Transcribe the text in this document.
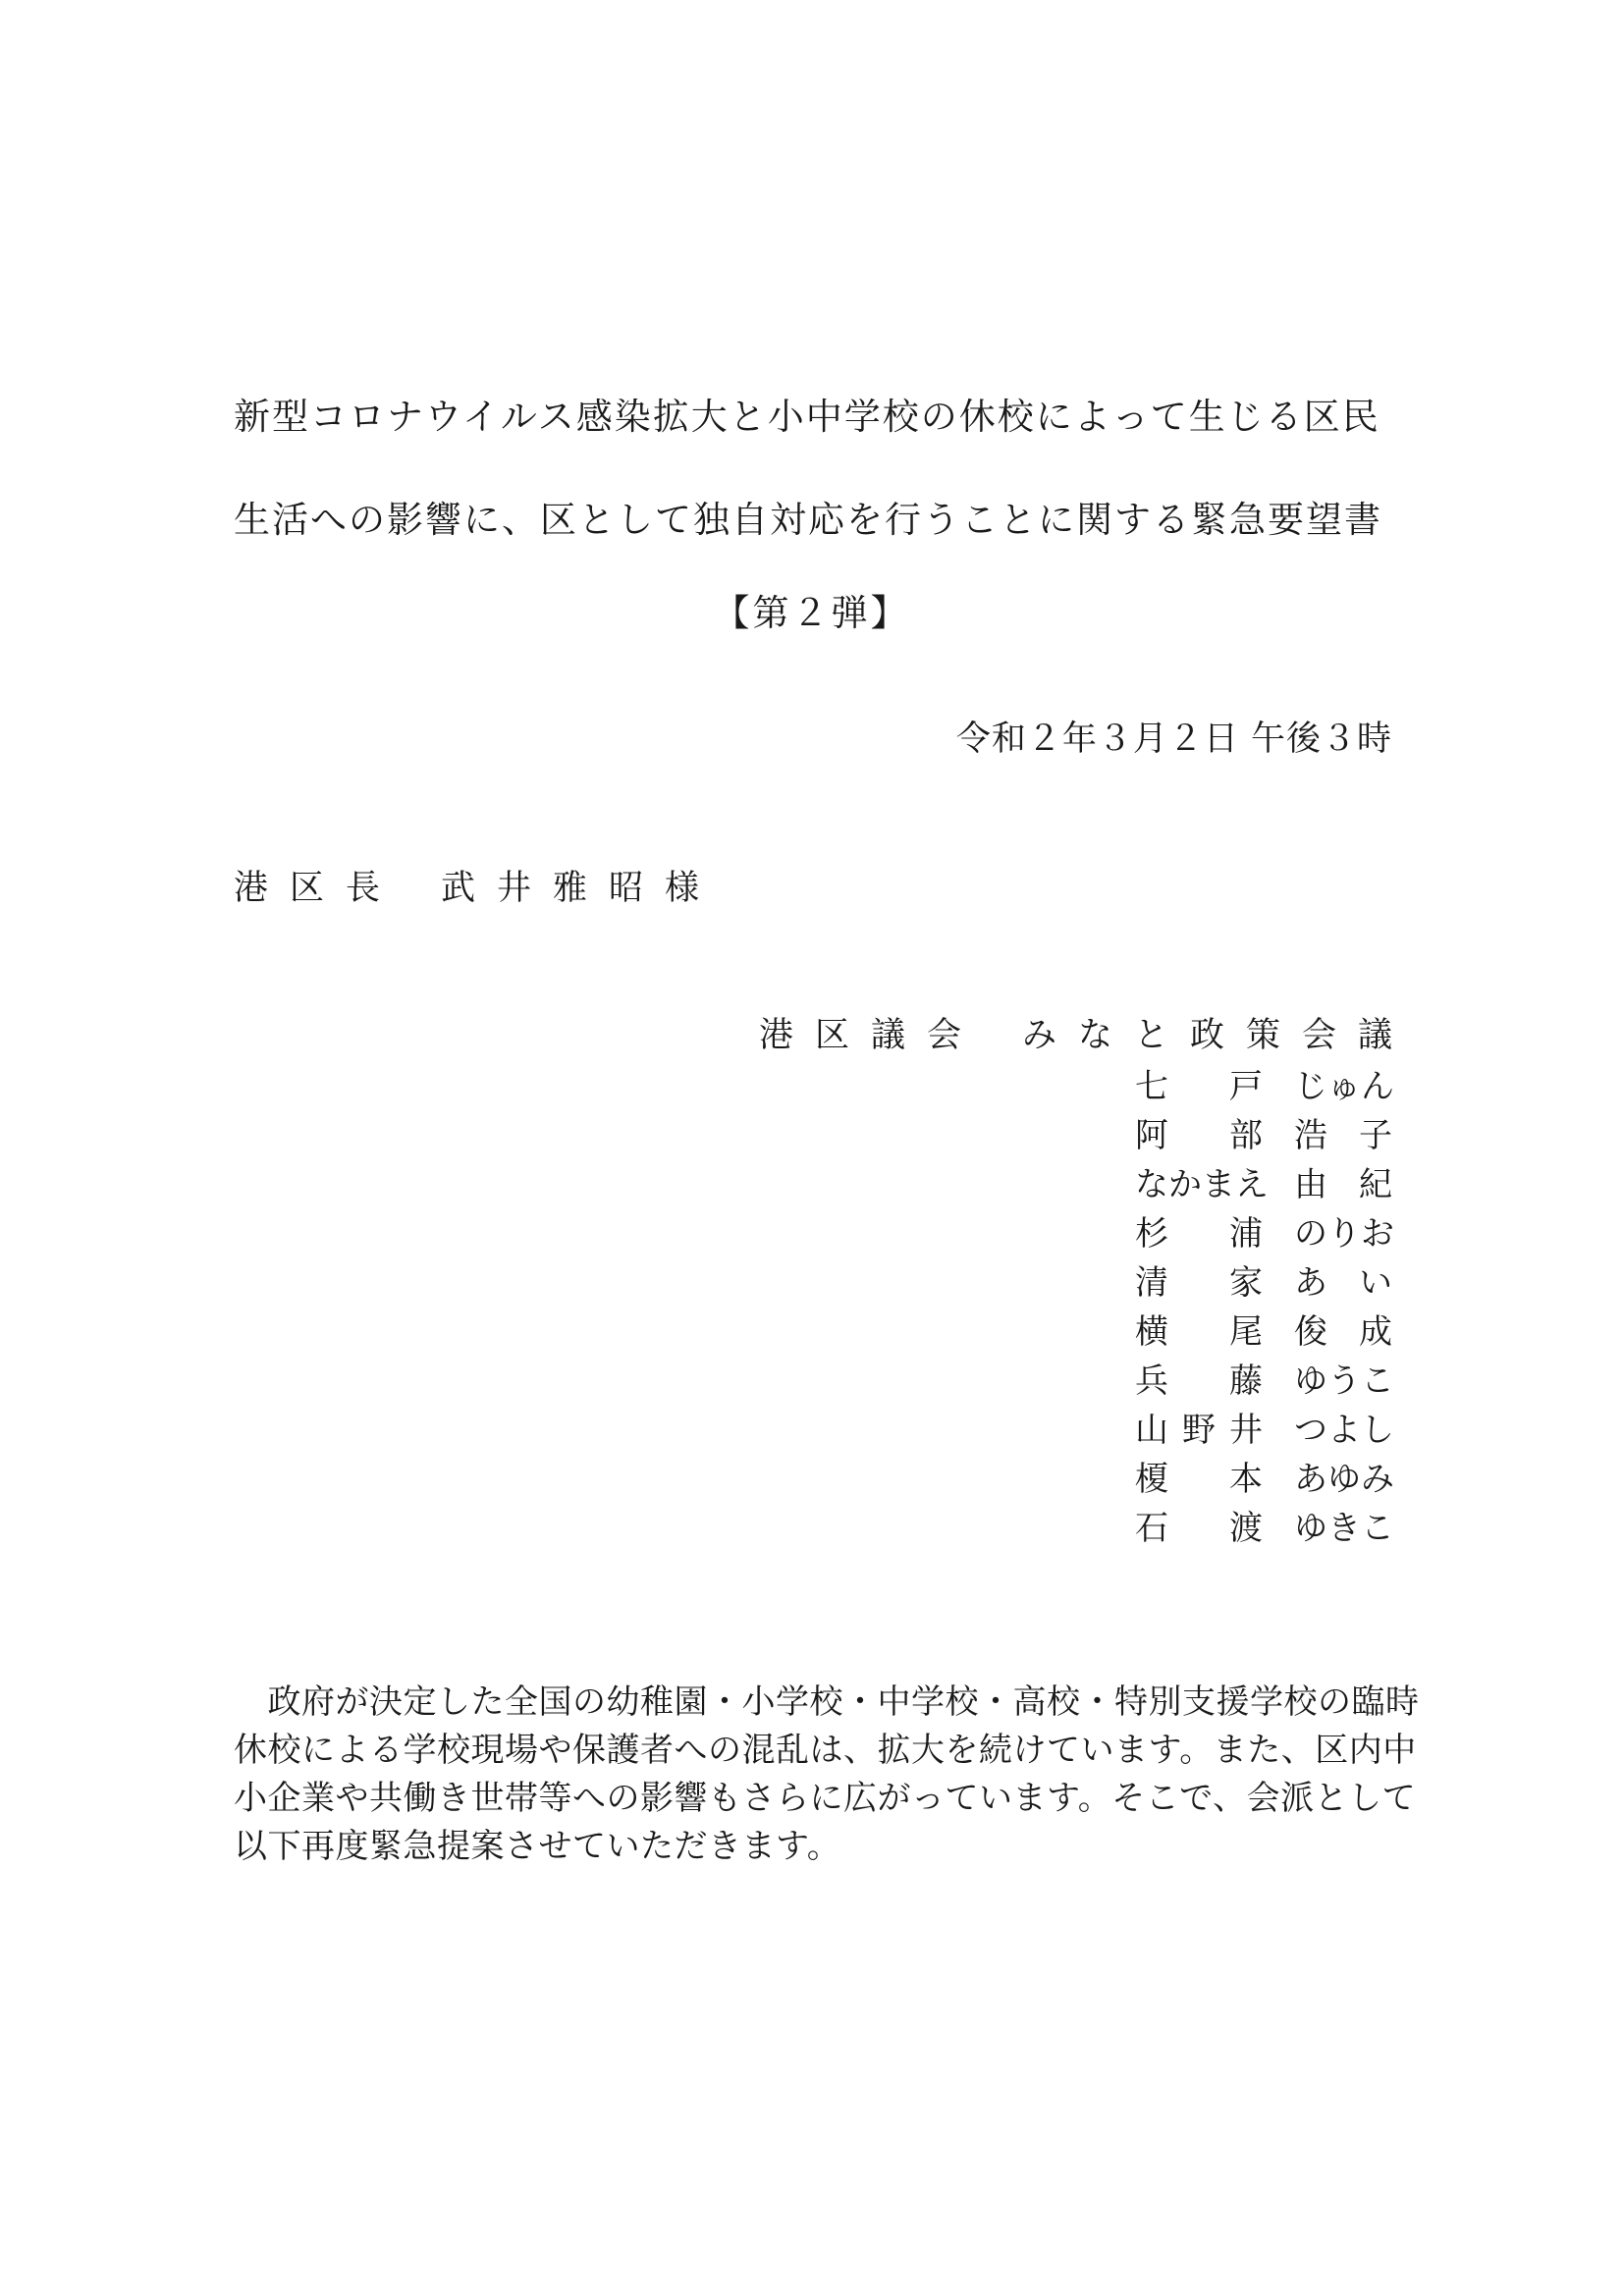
新型コロナウイルス感染拡大と小中学校の休校によって生じる区民
生活への影響に、区として独自対応を行うことに関する緊急要望書
【第２弾】
令和２年３月２日 午後３時
港区長 武井雅昭様
港区議会 みなと政策会議
七戸 じゅん
阿部 浩子
なかまえ 由紀
杉浦 のりお
清家 あい
横尾 俊成
兵藤 ゆうこ
山野井 つよし
榎本 あゆみ
石渡 ゆきこ

　政府が決定した全国の幼稚園・小学校・中学校・高校・特別支援学校の臨時

休校による学校現場や保護者への混乱は、拡大を続けています。また、区内中

小企業や共働き世帯等への影響もさらに広がっています。そこで、会派として

以下再度緊急提案させていただきます。
